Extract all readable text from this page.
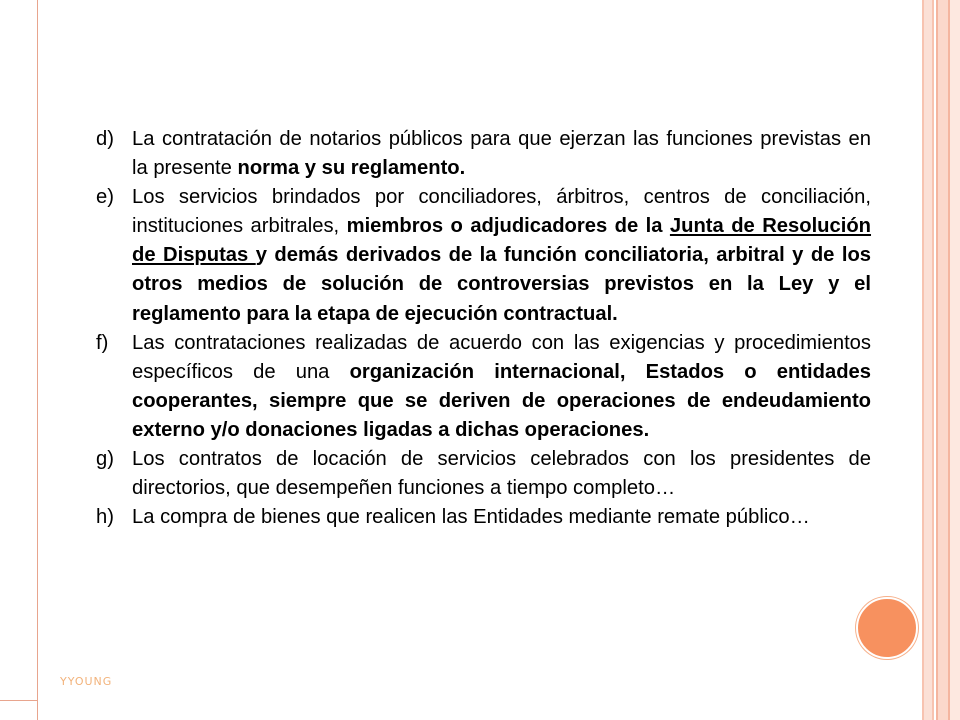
d) La contratación de notarios públicos para que ejerzan las funciones previstas en la presente norma y su reglamento.
e) Los servicios brindados por conciliadores, árbitros, centros de conciliación, instituciones arbitrales, miembros o adjudicadores de la Junta de Resolución de Disputas y demás derivados de la función conciliatoria, arbitral y de los otros medios de solución de controversias previstos en la Ley y el reglamento para la etapa de ejecución contractual.
f)	Las contrataciones realizadas de acuerdo con las exigencias y procedimientos específicos de una organización internacional, Estados o entidades cooperantes, siempre que se deriven de operaciones de endeudamiento externo y/o donaciones ligadas a dichas operaciones.
g) Los contratos de locación de servicios celebrados con los presidentes de directorios, que desempeñen funciones a tiempo completo…
h) La compra de bienes que realicen las Entidades mediante remate público…
YYOUNG
